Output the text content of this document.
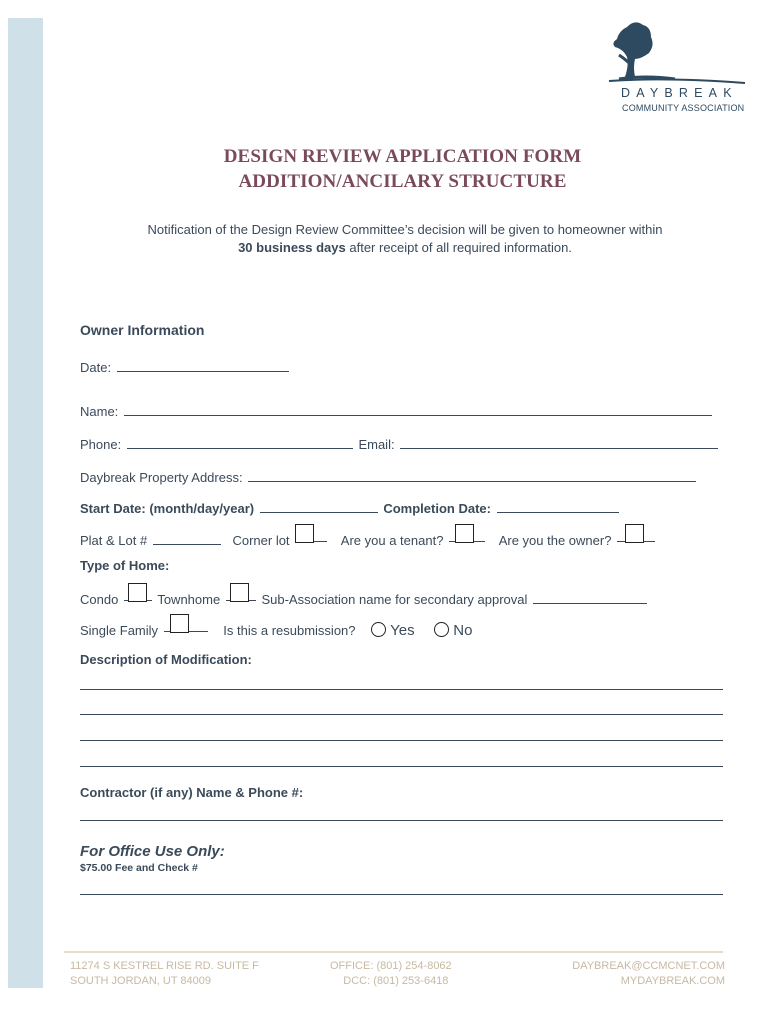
DAYBREAK
COMMUNITY ASSOCIATION
DESIGN REVIEW APPLICATION FORM
ADDITION/ANCILARY STRUCTURE
Notification of the Design Review Committee’s decision will be given to homeowner within
30 business days after receipt of all required information.
Owner Information
Date:
Name:
Phone:	Email:
Daybreak Property Address:
Start Date: (month/day/year)	Completion Date:
Plat & Lot #	Corner lot	Are you a tenant?	Are you the owner?
Type of Home:
Condo	Townhome	Sub-Association name for secondary approval
Single Family	Is this a resubmission? Yes	No
Description of Modification:
Contractor (if any) Name & Phone #:
For Office Use Only:
$75.00 Fee and Check #
11274 S KESTREL RISE RD. SUITE F
SOUTH JORDAN, UT 84009
OFFICE: (801) 254-8062
DCC: (801) 253-6418
DAYBREAK@CCMCNET.COM
MYDAYBREAK.COM
